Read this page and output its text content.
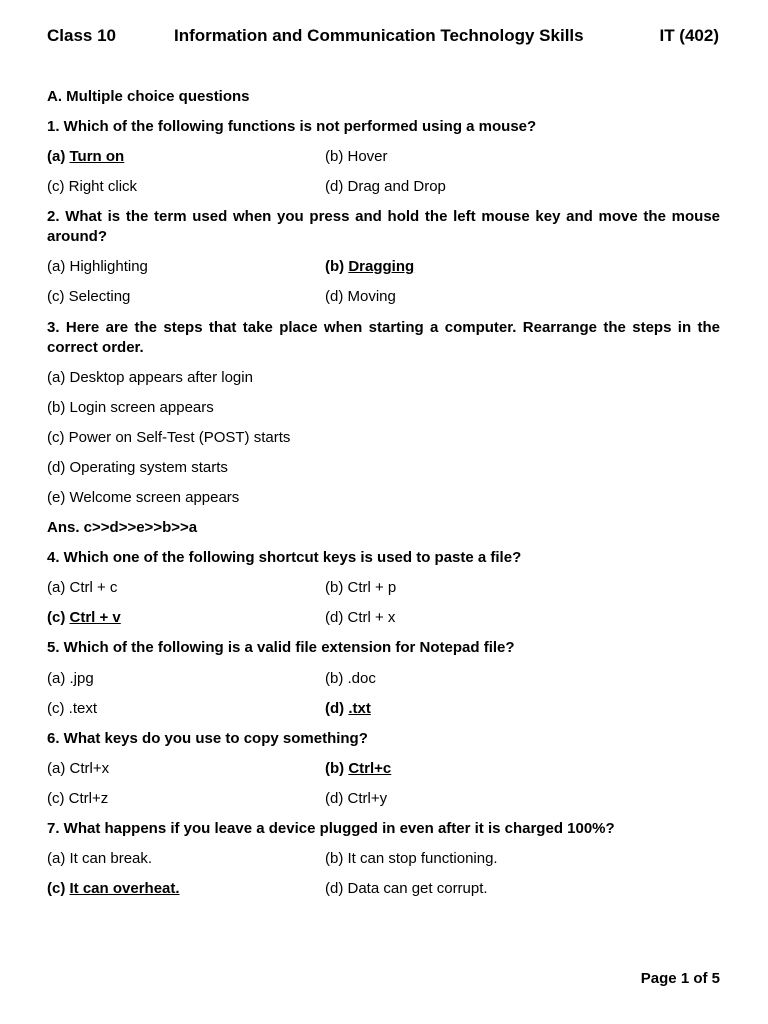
Class 10	Information and Communication Technology Skills	IT (402)
A. Multiple choice questions
1. Which of the following functions is not performed using a mouse?
(a) Turn on	(b) Hover
(c) Right click	(d) Drag and Drop
2. What is the term used when you press and hold the left mouse key and move the mouse
around?
(a) Highlighting	(b) Dragging
(c) Selecting	(d) Moving
3. Here are the steps that take place when starting a computer. Rearrange the steps in the
correct order.
(a) Desktop appears after login
(b) Login screen appears
(c) Power on Self-Test (POST) starts
(d) Operating system starts
(e) Welcome screen appears
Ans. c>>d>>e>>b>>a
4. Which one of the following shortcut keys is used to paste a file?
(a) Ctrl + c	(b) Ctrl + p
(c) Ctrl + v	(d) Ctrl + x
5. Which of the following is a valid file extension for Notepad file?
(a) .jpg	(b) .doc
(c) .text	(d) .txt
6. What keys do you use to copy something?
(a) Ctrl+x	(b) Ctrl+c
(c) Ctrl+z	(d) Ctrl+y
7. What happens if you leave a device plugged in even after it is charged 100%?
(a) It can break.	(b) It can stop functioning.
(c) It can overheat.	(d) Data can get corrupt.
Page 1 of 5
